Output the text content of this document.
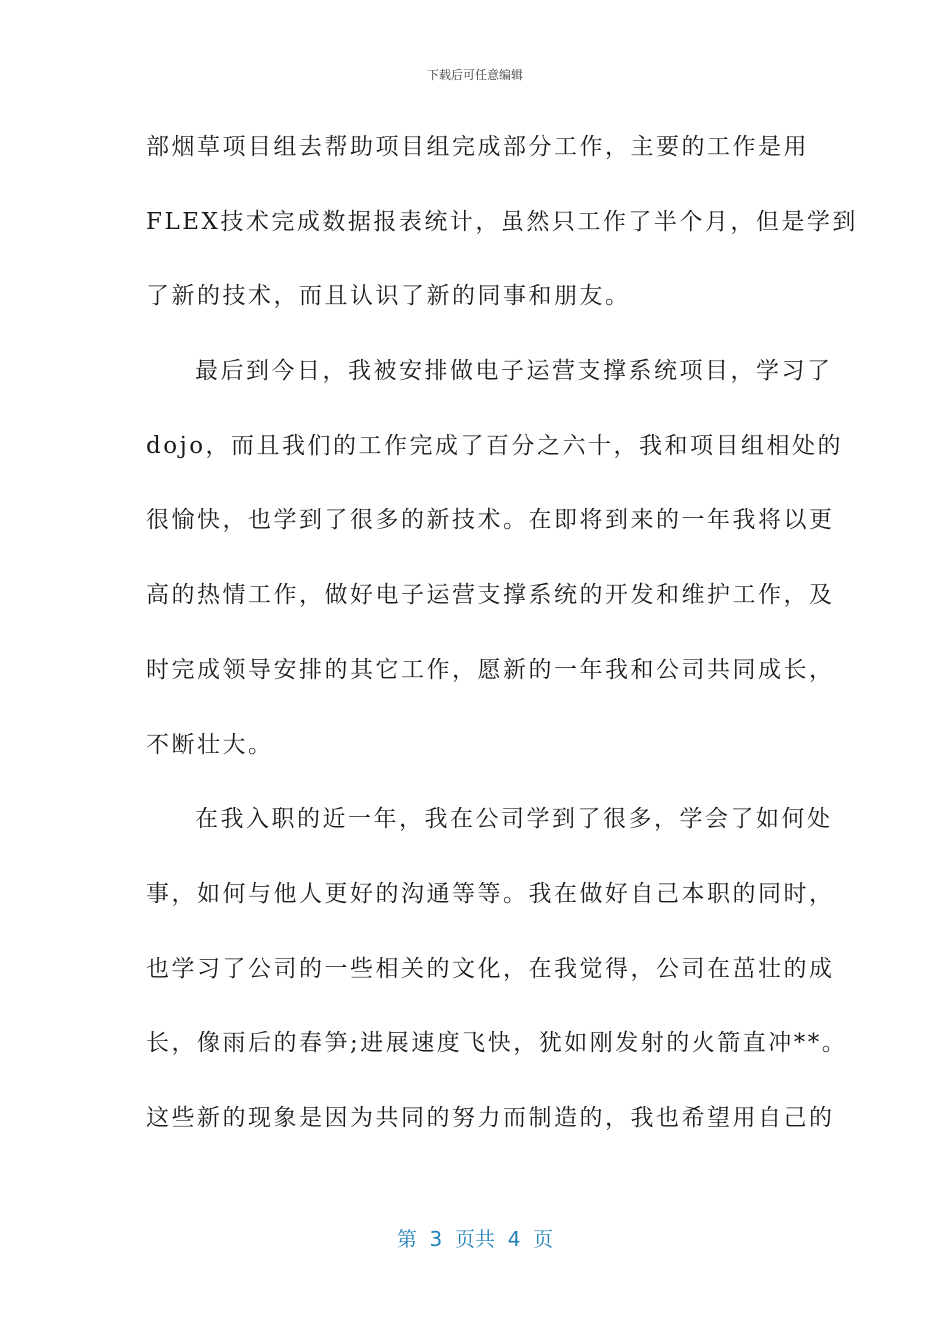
下载后可任意编辑
部烟草项目组去帮助项目组完成部分工作，主要的工作是用
FLEX技术完成数据报表统计，虽然只工作了半个月，但是学到
了新的技术，而且认识了新的同事和朋友。
最后到今日，我被安排做电子运营支撑系统项目，学习了
dojo，而且我们的工作完成了百分之六十，我和项目组相处的
很愉快，也学到了很多的新技术。在即将到来的一年我将以更
高的热情工作，做好电子运营支撑系统的开发和维护工作，及
时完成领导安排的其它工作，愿新的一年我和公司共同成长，
不断壮大。
在我入职的近一年，我在公司学到了很多，学会了如何处
事，如何与他人更好的沟通等等。我在做好自己本职的同时，
也学习了公司的一些相关的文化，在我觉得，公司在茁壮的成
长，像雨后的春笋;进展速度飞快，犹如刚发射的火箭直冲**。
这些新的现象是因为共同的努力而制造的，我也希望用自己的
第  3  页共  4  页
